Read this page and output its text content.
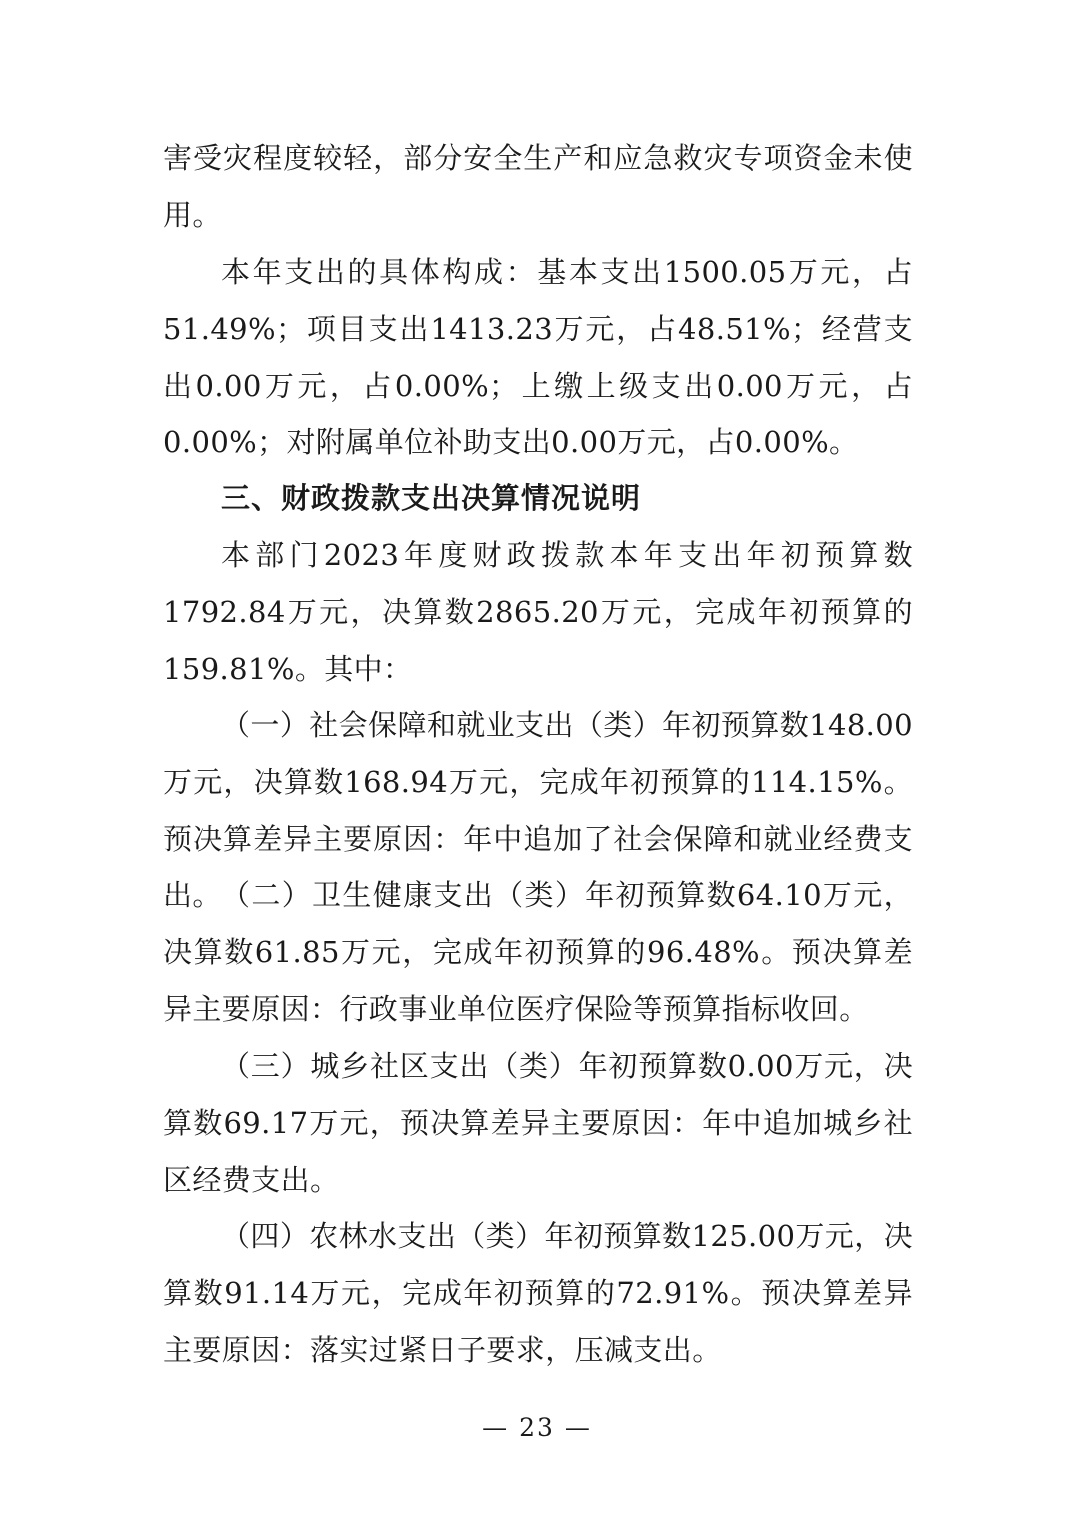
害受灾程度较轻，部分安全生产和应急救灾专项资金未使用。

本年支出的具体构成：基本支出1500.05万元，占51.49%；项目支出1413.23万元，占48.51%；经营支出0.00万元，占0.00%；上缴上级支出0.00万元，占0.00%；对附属单位补助支出0.00万元，占0.00%。

三、财政拨款支出决算情况说明

本部门2023年度财政拨款本年支出年初预算数1792.84万元，决算数2865.20万元，完成年初预算的159.81%。其中：

（一）社会保障和就业支出（类）年初预算数148.00万元，决算数168.94万元，完成年初预算的114.15%。预决算差异主要原因：年中追加了社会保障和就业经费支出。 （二）卫生健康支出（类）年初预算数64.10万元，决算数61.85万元，完成年初预算的96.48%。预决算差异主要原因：行政事业单位医疗保险等预算指标收回。

（三）城乡社区支出（类）年初预算数0.00万元，决算数69.17万元，预决算差异主要原因：年中追加城乡社区经费支出。

（四）农林水支出（类）年初预算数125.00万元，决算数91.14万元，完成年初预算的72.91%。预决算差异主要原因：落实过紧日子要求，压减支出。

— 23 —
